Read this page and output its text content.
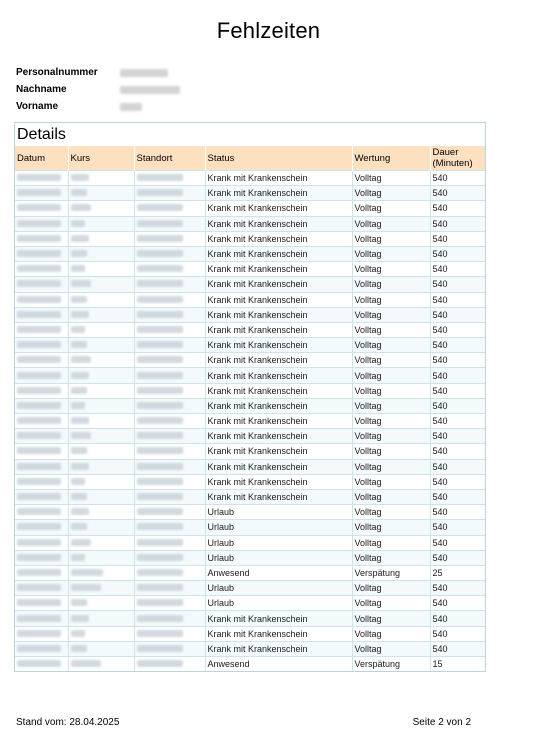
Fehlzeiten
Personalnummer
Nachname
Vorname
Details
Datum	Kurs	Standort	Status	Wertung	Dauer (Minuten)
			Krank mit Krankenschein	Volltag	540
			Krank mit Krankenschein	Volltag	540
			Krank mit Krankenschein	Volltag	540
			Krank mit Krankenschein	Volltag	540
			Krank mit Krankenschein	Volltag	540
			Krank mit Krankenschein	Volltag	540
			Krank mit Krankenschein	Volltag	540
			Krank mit Krankenschein	Volltag	540
			Krank mit Krankenschein	Volltag	540
			Krank mit Krankenschein	Volltag	540
			Krank mit Krankenschein	Volltag	540
			Krank mit Krankenschein	Volltag	540
			Krank mit Krankenschein	Volltag	540
			Krank mit Krankenschein	Volltag	540
			Krank mit Krankenschein	Volltag	540
			Krank mit Krankenschein	Volltag	540
			Krank mit Krankenschein	Volltag	540
			Krank mit Krankenschein	Volltag	540
			Krank mit Krankenschein	Volltag	540
			Krank mit Krankenschein	Volltag	540
			Krank mit Krankenschein	Volltag	540
			Krank mit Krankenschein	Volltag	540
			Urlaub	Volltag	540
			Urlaub	Volltag	540
			Urlaub	Volltag	540
			Urlaub	Volltag	540
			Anwesend	Verspätung	25
			Urlaub	Volltag	540
			Urlaub	Volltag	540
			Krank mit Krankenschein	Volltag	540
			Krank mit Krankenschein	Volltag	540
			Krank mit Krankenschein	Volltag	540
			Anwesend	Verspätung	15
Stand vom: 28.04.2025	Seite 2 von 2
